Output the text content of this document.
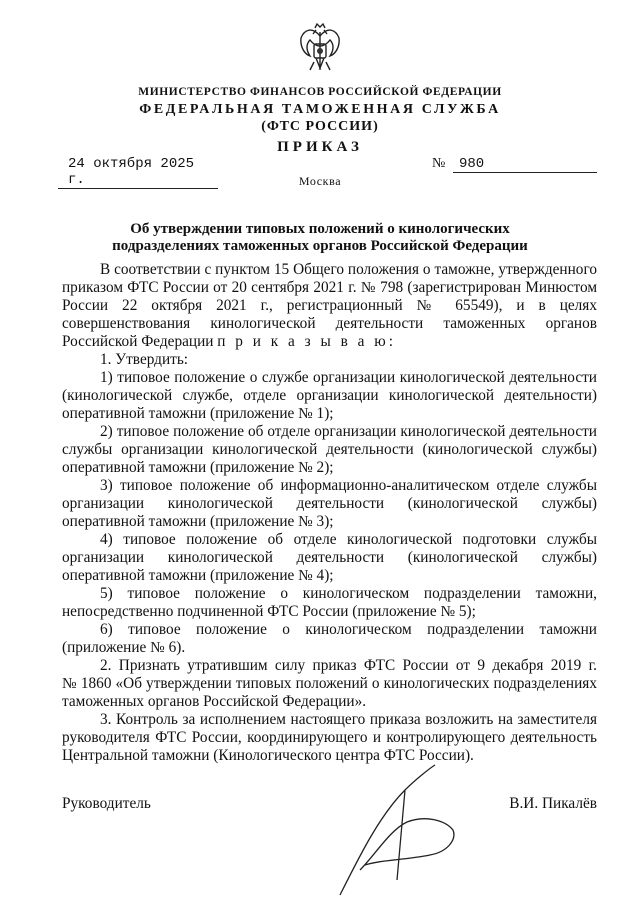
МИНИСТЕРСТВО ФИНАНСОВ РОССИЙСКОЙ ФЕДЕРАЦИИ
ФЕДЕРАЛЬНАЯ ТАМОЖЕННАЯ СЛУЖБА
(ФТС РОССИИ)
ПРИКАЗ
24 октября 2025 г.
№ 980
Москва
Об утверждении типовых положений о кинологических
подразделениях таможенных органов Российской Федерации
В соответствии с пунктом 15 Общего положения о таможне, утвержденного
приказом ФТС России от 20 сентября 2021 г. № 798 (зарегистрирован Минюстом
России 22 октября 2021 г., регистрационный № 65549), и в целях
совершенствования кинологической деятельности таможенных органов
Российской Федерации п р и к а з ы в а ю:
1. Утвердить:
1) типовое положение о службе организации кинологической деятельности
(кинологической службе, отделе организации кинологической деятельности)
оперативной таможни (приложение № 1);
2) типовое положение об отделе организации кинологической деятельности
службы организации кинологической деятельности (кинологической службы)
оперативной таможни (приложение № 2);
3) типовое положение об информационно-аналитическом отделе службы
организации кинологической деятельности (кинологической службы)
оперативной таможни (приложение № 3);
4) типовое положение об отделе кинологической подготовки службы
организации кинологической деятельности (кинологической службы)
оперативной таможни (приложение № 4);
5) типовое положение о кинологическом подразделении таможни,
непосредственно подчиненной ФТС России (приложение № 5);
6) типовое положение о кинологическом подразделении таможни
(приложение № 6).
2. Признать утратившим силу приказ ФТС России от 9 декабря 2019 г.
№ 1860 «Об утверждении типовых положений о кинологических подразделениях
таможенных органов Российской Федерации».
3. Контроль за исполнением настоящего приказа возложить на заместителя
руководителя ФТС России, координирующего и контролирующего деятельность
Центральной таможни (Кинологического центра ФТС России).
Руководитель	В.И. Пикалёв
